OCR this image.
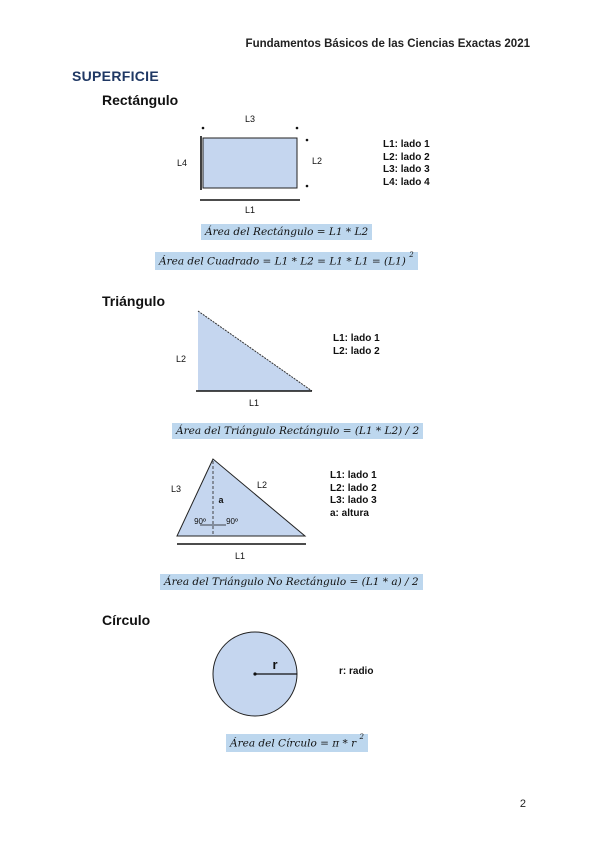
Fundamentos Básicos de las Ciencias Exactas 2021
SUPERFICIE
Rectángulo
L3
L4	L2
L1
L1: lado 1
L2: lado 2
L3: lado 3
L4: lado 4
Área del Rectángulo = L1 * L2
Área del Cuadrado = L1 * L2 = L1 * L1 = (L1) $^2$
Triángulo
L2
L1
L1: lado 1
L2: lado 2
Área del Triángulo Rectángulo = (L1 * L2) / 2
L3	L2
a
90º	90º
L1
L1: lado 1
L2: lado 2
L3: lado 3
a: altura
Área del Triángulo No Rectángulo = (L1 * a) / 2
Círculo
r	r: radio
Área del Círculo = π * r $^2$
2
